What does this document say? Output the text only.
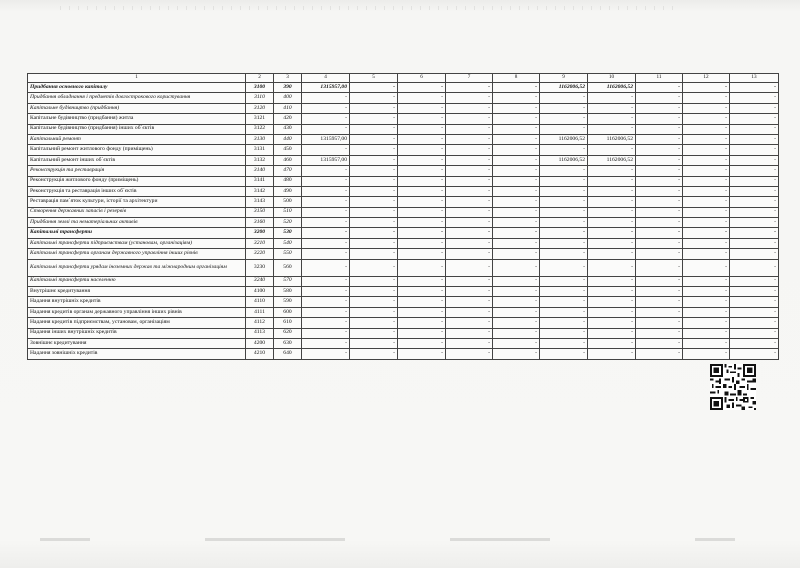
1	2	3	4	5	6	7	8	9	10	11	12	13
Придбання основного капіталу	3100	390	1315957,00	-	-	-	-	1162006,52	1162006,52	-	-	-
Придбання обладнання і предметів довгострокового користування	3110	400	-	-	-	-	-	-	-	-	-	-
Капітальне будівництво (придбання)	3120	410	-	-	-	-	-	-	-	-	-	-
Капітальне будівництво (придбання) житла	3121	420	-	-	-	-	-	-	-	-	-	-
Капітальне будівництво (придбання) інших об`єктів	3122	430	-	-	-	-	-	-	-	-	-	-
Капітальний ремонт	3130	440	1315957,00	-	-	-	-	1162006,52	1162006,52	-	-	-
Капітальний ремонт житлового фонду (приміщень)	3131	450	-	-	-	-	-	-	-	-	-	-
Капітальний ремонт інших об`єктів	3132	460	1315957,00	-	-	-	-	1162006,52	1162006,52	-	-	-
Реконструкція та реставрація	3140	470	-	-	-	-	-	-	-	-	-	-
Реконструкція житлового фонду (приміщень)	3141	480	-	-	-	-	-	-	-	-	-	-
Реконструкція та реставрація інших об`єктів	3142	490	-	-	-	-	-	-	-	-	-	-
Реставрація пам`яток культури, історії та архітектури	3143	500	-	-	-	-	-	-	-	-	-	-
Створення державних запасів і резервів	3150	510	-	-	-	-	-	-	-	-	-	-
Придбання землі та нематеріальних активів	3160	520	-	-	-	-	-	-	-	-	-	-
Капітальні трансферти	3200	530	-	-	-	-	-	-	-	-	-	-
Капітальні трансферти підприємствам (установам, організаціям)	3210	540	-	-	-	-	-	-	-	-	-	-
Капітальні трансферти органам державного управління інших рівнів	3220	550	-	-	-	-	-	-	-	-	-	-
Капітальні трансферти урядам іноземних держав та міжнародним організаціям	3230	560	-	-	-	-	-	-	-	-	-	-
Капітальні трансферти населенню	3240	570	-	-	-	-	-	-	-	-	-	-
Внутрішнє кредитування	4100	580	-	-	-	-	-	-	-	-	-	-
Надання внутрішніх кредитів	4110	590	-	-	-	-	-	-	-	-	-	-
Надання кредитів органам державного управління інших рівнів	4111	600	-	-	-	-	-	-	-	-	-	-
Надання кредитів підприємствам, установам, організаціям	4112	610	-	-	-	-	-	-	-	-	-	-
Надання інших внутрішніх кредитів	4113	620	-	-	-	-	-	-	-	-	-	-
Зовнішнє кредитування	4200	630	-	-	-	-	-	-	-	-	-	-
Надання зовнішніх кредитів	4210	640	-	-	-	-	-	-	-	-	-	-
